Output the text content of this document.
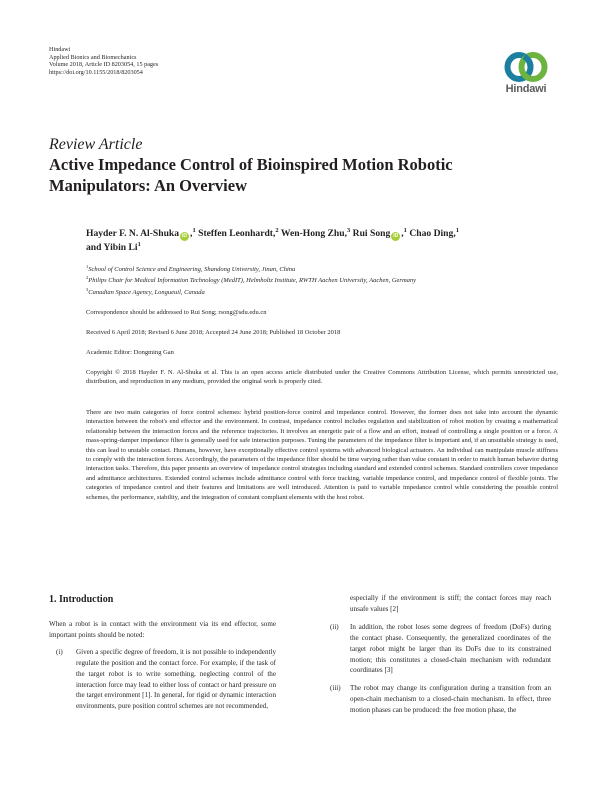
Hindawi
Applied Bionics and Biomechanics
Volume 2018, Article ID 8203054, 15 pages
https://doi.org/10.1155/2018/8203054
Hindawi
Review Article
Active Impedance Control of Bioinspired Motion Robotic
Manipulators: An Overview
Hayder F. N. Al-Shuka iD ,$^1$ Steffen Leonhardt,$^2$ Wen-Hong Zhu,$^3$ Rui Song iD ,$^1$ Chao Ding,$^1$
and Yibin Li$^1$
$^1$School of Control Science and Engineering, Shandong University, Jinan, China
$^2$Philips Chair for Medical Information Technology (MedIT), Helmholtz Institute, RWTH Aachen University, Aachen, Germany
$^3$Canadian Space Agency, Longueuil, Canada
Correspondence should be addressed to Rui Song; rsong@sdu.edu.cn
Received 6 April 2018; Revised 6 June 2018; Accepted 24 June 2018; Published 18 October 2018
Academic Editor: Dongming Gan
Copyright © 2018 Hayder F. N. Al-Shuka et al. This is an open access article distributed under the Creative Commons Attribution License, which permits unrestricted use, distribution, and reproduction in any medium, provided the original work is properly cited.
There are two main categories of force control schemes: hybrid position-force control and impedance control. However, the former does not take into account the dynamic interaction between the robot's end effector and the environment. In contrast, impedance control includes regulation and stabilization of robot motion by creating a mathematical relationship between the interaction forces and the reference trajectories. It involves an energetic pair of a flow and an effort, instead of controlling a single position or a force. A mass-spring-damper impedance filter is generally used for safe interaction purposes. Tuning the parameters of the impedance filter is important and, if an unsuitable strategy is used, this can lead to unstable contact. Humans, however, have exceptionally effective control systems with advanced biological actuators. An individual can manipulate muscle stiffness to comply with the interaction forces. Accordingly, the parameters of the impedance filter should be time varying rather than value constant in order to match human behavior during interaction tasks. Therefore, this paper presents an overview of impedance control strategies including standard and extended control schemes. Standard controllers cover impedance and admittance architectures. Extended control schemes include admittance control with force tracking, variable impedance control, and impedance control of flexible joints. The categories of impedance control and their features and limitations are well introduced. Attention is paid to variable impedance control while considering the possible control schemes, the performance, stability, and the integration of constant compliant elements with the host robot.
1. Introduction

When a robot is in contact with the environment via its end effector, some important points should be noted:

(i) Given a specific degree of freedom, it is not possible to independently regulate the position and the contact force. For example, if the task of the target robot is to write something, neglecting control of the interaction force may lead to either loss of contact or hard pressure on the target environment [1]. In general, for rigid or dynamic interaction environments, pure position control schemes are not recommended,
especially if the environment is stiff; the contact forces may reach unsafe values [2]
(ii) In addition, the robot loses some degrees of freedom (DoFs) during the contact phase. Consequently, the generalized coordinates of the target robot might be larger than its DoFs due to its constrained motion; this constitutes a closed-chain mechanism with redundant coordinates [3]
(iii) The robot may change its configuration during a transition from an open-chain mechanism to a closed-chain mechanism. In effect, three motion phases can be produced: the free motion phase, the
